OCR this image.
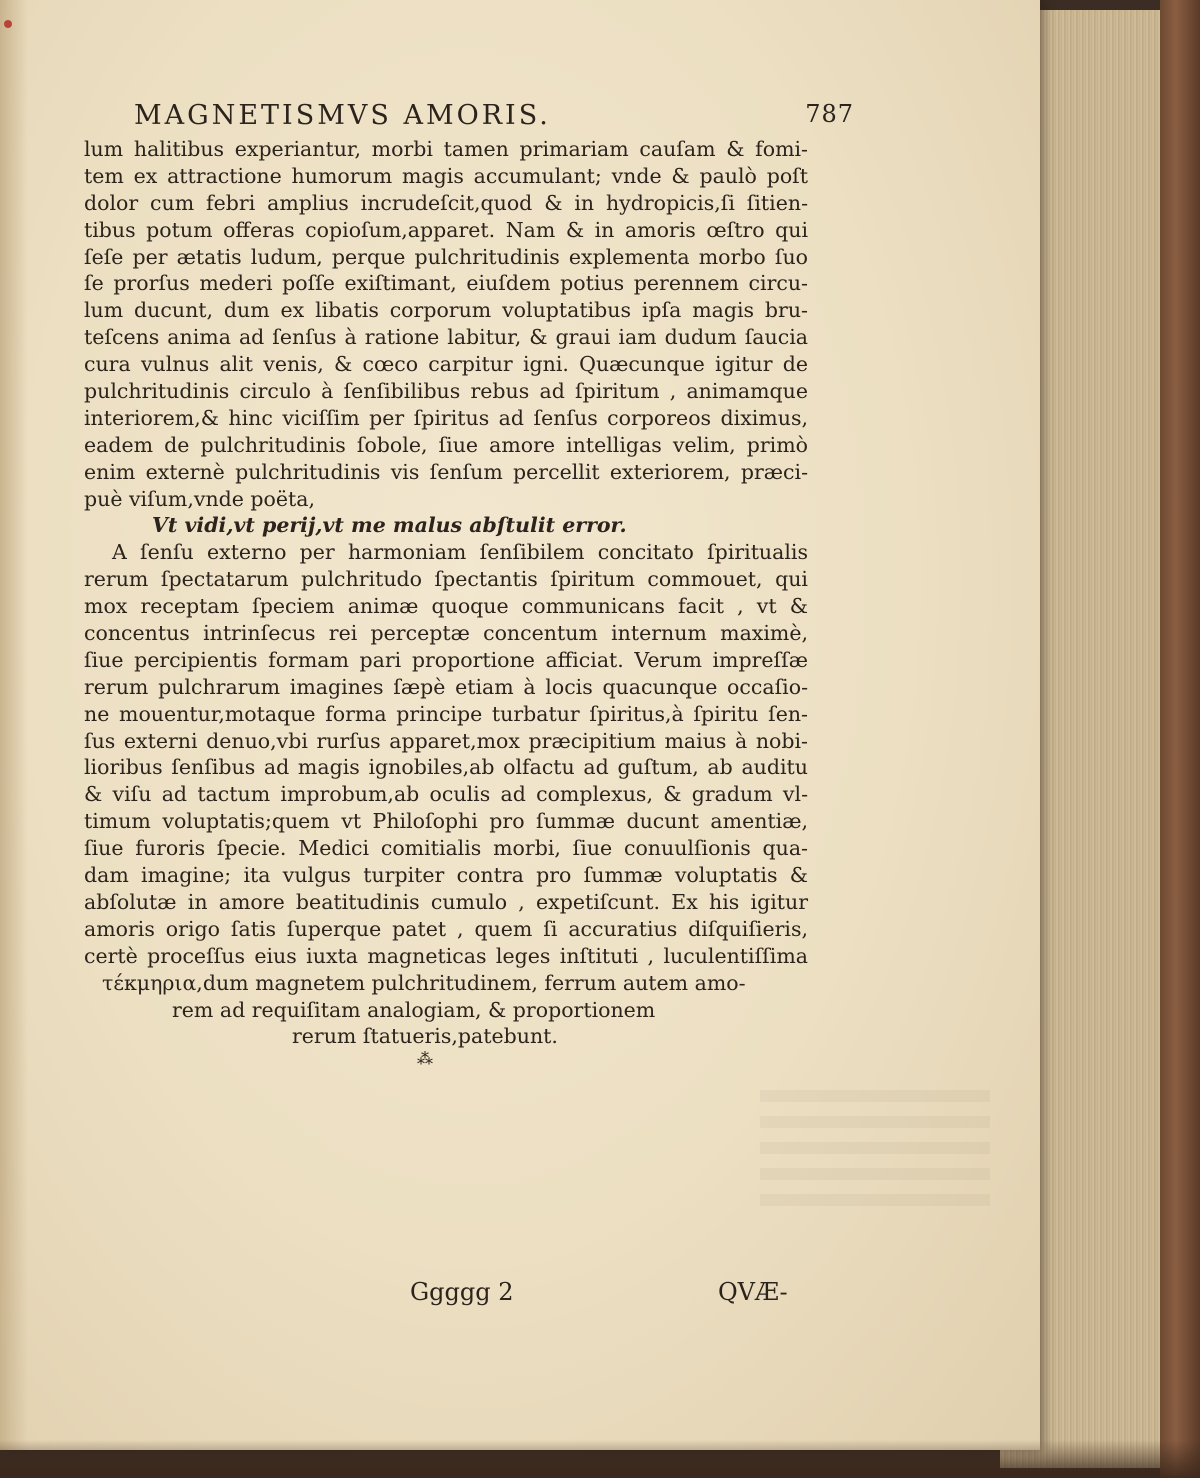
MAGNETISMVS AMORIS.	787
lum halitibus experiantur, morbi tamen primariam cauſam & fomi-
tem ex attractione humorum magis accumulant; vnde & paulò poſt
dolor cum febri amplius incrudeſcit,quod & in hydropicis,ſi ſitien-
tibus potum offeras copioſum,apparet. Nam & in amoris œſtro qui
ſeſe per ætatis ludum, perque pulchritudinis explementa morbo ſuo
ſe prorſus mederi poſſe exiſtimant, eiuſdem potius perennem circu-
lum ducunt, dum ex libatis corporum voluptatibus ipſa magis bru-
teſcens anima ad ſenſus à ratione labitur, & graui iam dudum ſaucia
cura vulnus alit venis, & cœco carpitur igni. Quæcunque igitur de
pulchritudinis circulo à ſenſibilibus rebus ad ſpiritum , animamque
interiorem,& hinc viciſſim per ſpiritus ad ſenſus corporeos diximus,
eadem de pulchritudinis ſobole, ſiue amore intelligas velim, primò
enim externè pulchritudinis vis ſenſum percellit exteriorem, præci-
puè viſum,vnde poëta,
Vt vidi,vt perij,vt me malus abſtulit error.
A ſenſu externo per harmoniam ſenſibilem concitato ſpiritualis
rerum ſpectatarum pulchritudo ſpectantis ſpiritum commouet, qui
mox receptam ſpeciem animæ quoque communicans facit , vt &
concentus intrinſecus rei perceptæ concentum internum maximè,
ſiue percipientis formam pari proportione afficiat. Verum impreſſæ
rerum pulchrarum imagines ſæpè etiam à locis quacunque occaſio-
ne mouentur,motaque forma principe turbatur ſpiritus,à ſpiritu ſen-
ſus externi denuo,vbi rurſus apparet,mox præcipitium maius à nobi-
lioribus ſenſibus ad magis ignobiles,ab olfactu ad guſtum, ab auditu
& viſu ad tactum improbum,ab oculis ad complexus, & gradum vl-
timum voluptatis;quem vt Philoſophi pro ſummæ ducunt amentiæ,
ſiue furoris ſpecie. Medici comitialis morbi, ſiue conuulſionis qua-
dam imagine; ita vulgus turpiter contra pro ſummæ voluptatis &
abſolutæ in amore beatitudinis cumulo , expetiſcunt. Ex his igitur
amoris origo ſatis ſuperque patet , quem ſi accuratius diſquiſieris,
certè proceſſus eius iuxta magneticas leges inſtituti , luculentiſſima
τέκμηρια,dum magnetem pulchritudinem, ferrum autem amo-
rem ad requiſitam analogiam, & proportionem
rerum ſtatueris,patebunt.
⁂
Ggggg 2	QVÆ-
